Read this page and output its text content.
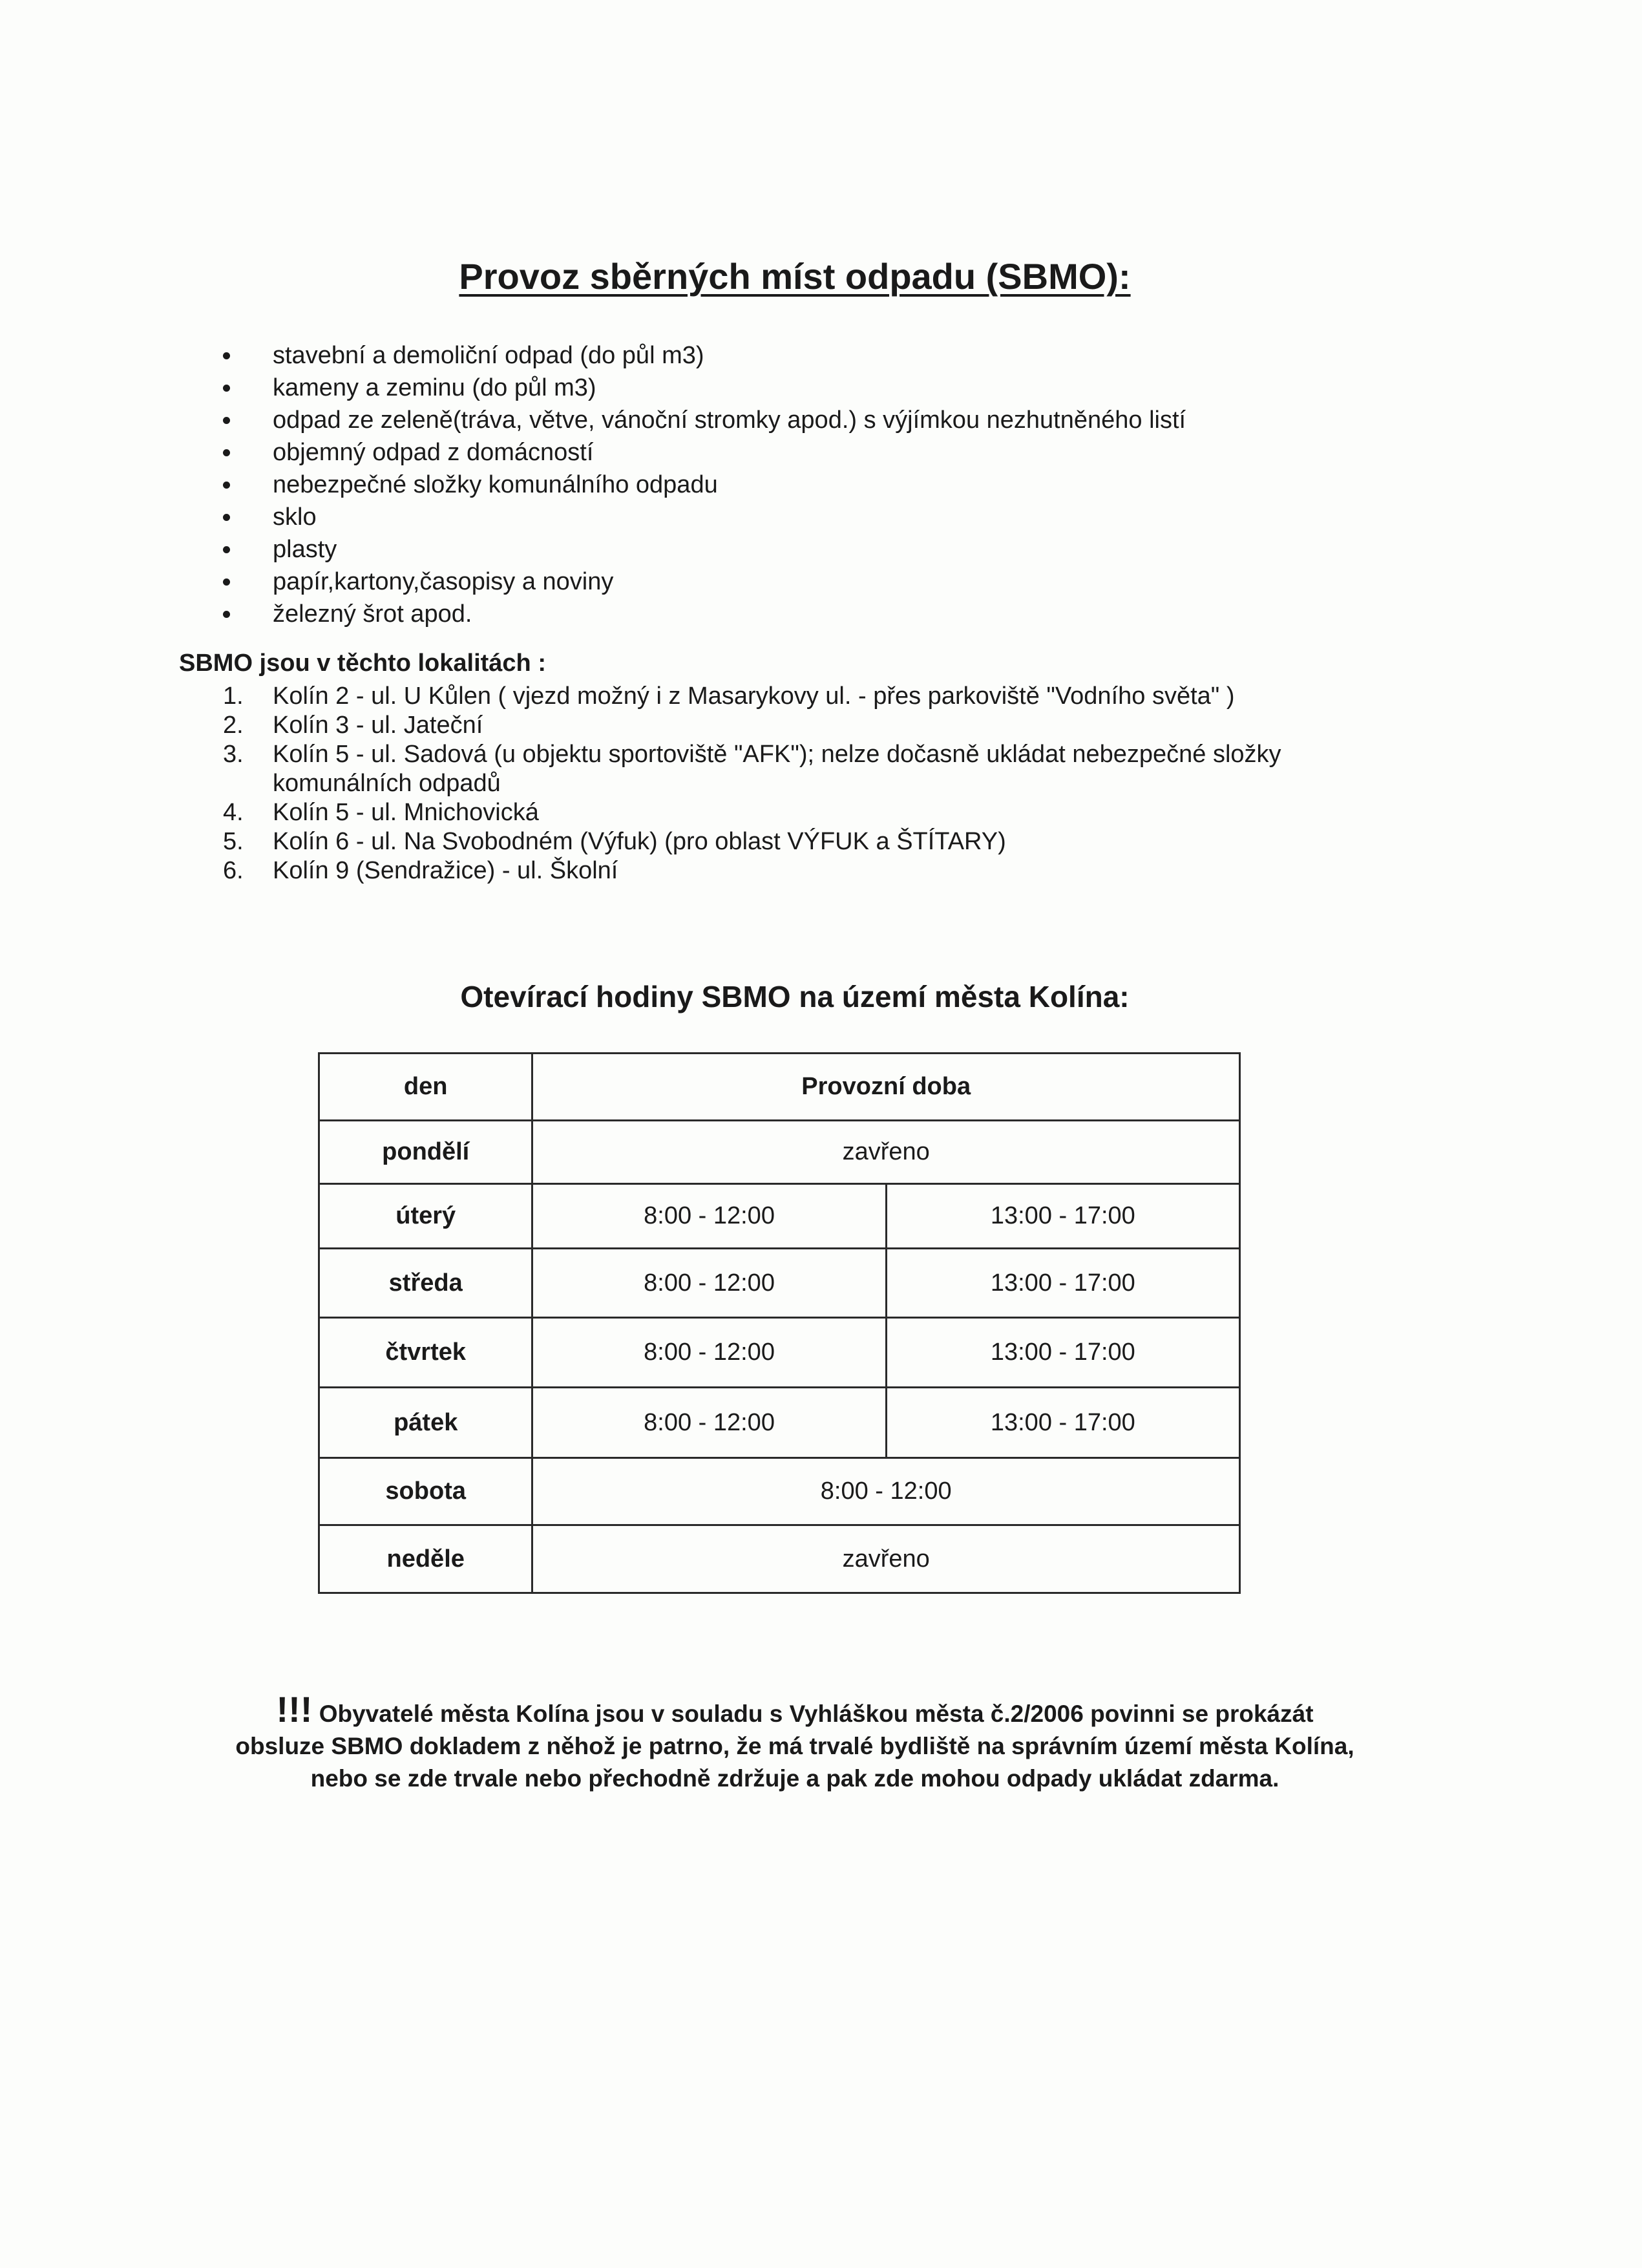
Provoz sběrných míst odpadu (SBMO):
stavební a demoliční odpad (do půl m3)
kameny a zeminu (do půl m3)
odpad ze zeleně(tráva, větve, vánoční stromky apod.) s výjímkou nezhutněného listí
objemný odpad z domácností
nebezpečné složky komunálního odpadu
sklo
plasty
papír,kartony,časopisy a noviny
železný šrot apod.
SBMO jsou v těchto lokalitách :
1. Kolín 2 - ul. U Kůlen ( vjezd možný i z Masarykovy ul. - přes parkoviště "Vodního světa" )
2. Kolín 3 - ul. Jateční
3. Kolín 5 - ul. Sadová (u objektu sportoviště "AFK"); nelze dočasně ukládat nebezpečné složky komunálních odpadů
4. Kolín 5 - ul. Mnichovická
5. Kolín 6 - ul. Na Svobodném (Výfuk) (pro oblast VÝFUK a ŠTÍTARY)
6. Kolín 9 (Sendražice) - ul. Školní
Otevírací hodiny SBMO na území města Kolína:
den	Provozní doba	
pondělí	zavřeno	
úterý	8:00 - 12:00	13:00 - 17:00
středa	8:00 - 12:00	13:00 - 17:00
čtvrtek	8:00 - 12:00	13:00 - 17:00
pátek	8:00 - 12:00	13:00 - 17:00
sobota	8:00 - 12:00	
neděle	zavřeno	
!!! Obyvatelé města Kolína jsou v souladu s Vyhláškou města č.2/2006 povinni se prokázát
obsluze SBMO dokladem z něhož je patrno, že má trvalé bydliště na správním území města Kolína,
nebo se zde trvale nebo přechodně zdržuje a pak zde mohou odpady ukládat zdarma.
